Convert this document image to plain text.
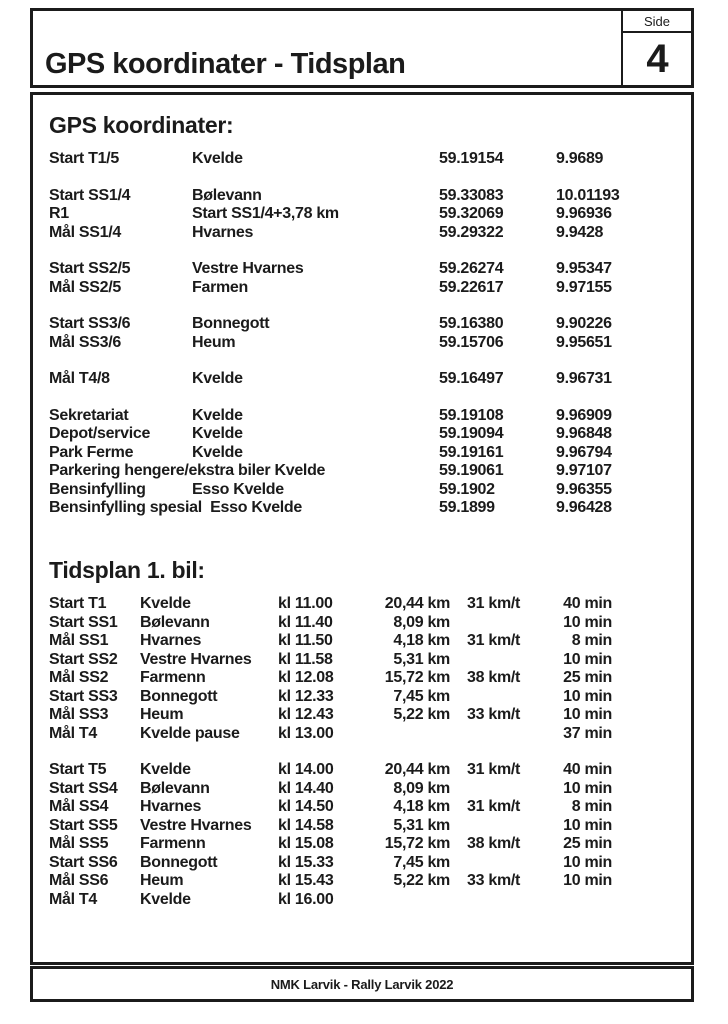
GPS koordinater - Tidsplan
Side
4
GPS koordinater:
Start T1/5	Kvelde	59.19154	9.9689

Start SS1/4	Bølevann	59.33083	10.01193
R1	Start SS1/4+3,78 km	59.32069	9.96936
Mål SS1/4	Hvarnes	59.29322	9.9428

Start SS2/5	Vestre Hvarnes	59.26274	9.95347
Mål SS2/5	Farmen	59.22617	9.97155

Start SS3/6	Bonnegott	59.16380	9.90226
Mål SS3/6	Heum	59.15706	9.95651

Mål T4/8	Kvelde	59.16497	9.96731

Sekretariat	Kvelde	59.19108	9.96909
Depot/service	Kvelde	59.19094	9.96848
Park Ferme	Kvelde	59.19161	9.96794
Parkering hengere/ekstra biler Kvelde		59.19061	9.97107
Bensinfylling	Esso Kvelde	59.1902	9.96355
Bensinfylling spesial  Esso Kvelde		59.1899	9.96428
Tidsplan 1. bil:
Start T1	Kvelde	kl 11.00	20,44 km	31 km/t	40 min
Start SS1	Bølevann	kl 11.40	8,09 km		10 min
Mål SS1	Hvarnes	kl 11.50	4,18 km	31 km/t	8 min
Start SS2	Vestre Hvarnes	kl 11.58	5,31 km		10 min
Mål SS2	Farmenn	kl 12.08	15,72 km	38 km/t	25 min
Start SS3	Bonnegott	kl 12.33	7,45 km		10 min
Mål SS3	Heum	kl 12.43	5,22 km	33 km/t	10 min
Mål T4	Kvelde pause	kl 13.00			37 min

Start T5	Kvelde	kl 14.00	20,44 km	31 km/t	40 min
Start SS4	Bølevann	kl 14.40	8,09 km		10 min
Mål SS4	Hvarnes	kl 14.50	4,18 km	31 km/t	8 min
Start SS5	Vestre Hvarnes	kl 14.58	5,31 km		10 min
Mål SS5	Farmenn	kl 15.08	15,72 km	38 km/t	25 min
Start SS6	Bonnegott	kl 15.33	7,45 km		10 min
Mål SS6	Heum	kl 15.43	5,22 km	33 km/t	10 min
Mål T4	Kvelde	kl 16.00			
NMK Larvik - Rally Larvik 2022
